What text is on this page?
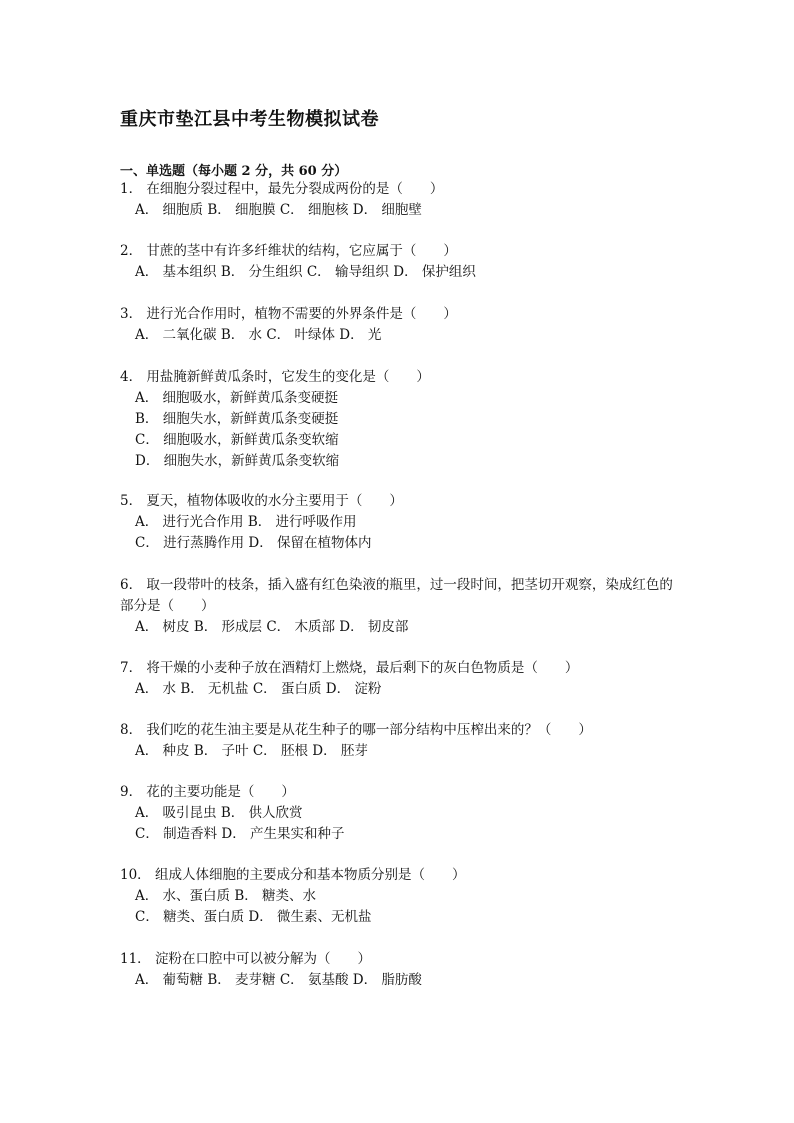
重庆市垫江县中考生物模拟试卷
一、单选题（每小题 2 分，共 60 分）
1． 在细胞分裂过程中，最先分裂成两份的是（　　）
A． 细胞质 B． 细胞膜 C． 细胞核 D． 细胞壁
2． 甘蔗的茎中有许多纤维状的结构，它应属于（　　）
A． 基本组织 B． 分生组织 C． 输导组织 D． 保护组织
3． 进行光合作用时，植物不需要的外界条件是（　　）
A． 二氧化碳 B． 水 C． 叶绿体 D． 光
4． 用盐腌新鲜黄瓜条时，它发生的变化是（　　）
A． 细胞吸水，新鲜黄瓜条变硬挺
B． 细胞失水，新鲜黄瓜条变硬挺
C． 细胞吸水，新鲜黄瓜条变软缩
D． 细胞失水，新鲜黄瓜条变软缩
5． 夏天，植物体吸收的水分主要用于（　　）
A． 进行光合作用 B． 进行呼吸作用
C． 进行蒸腾作用 D． 保留在植物体内
6． 取一段带叶的枝条，插入盛有红色染液的瓶里，过一段时间，把茎切开观察，染成红色的部分是（　　）
A． 树皮 B． 形成层 C． 木质部 D． 韧皮部
7． 将干燥的小麦种子放在酒精灯上燃烧，最后剩下的灰白色物质是（　　）
A． 水 B． 无机盐 C． 蛋白质 D． 淀粉
8． 我们吃的花生油主要是从花生种子的哪一部分结构中压榨出来的？（　　）
A． 种皮 B． 子叶 C． 胚根 D． 胚芽
9． 花的主要功能是（　　）
A． 吸引昆虫 B． 供人欣赏
C． 制造香料 D． 产生果实和种子
10． 组成人体细胞的主要成分和基本物质分别是（　　）
A． 水、蛋白质 B． 糖类、水
C． 糖类、蛋白质 D． 微生素、无机盐
11． 淀粉在口腔中可以被分解为（　　）
A． 葡萄糖 B． 麦芽糖 C． 氨基酸 D． 脂肪酸
